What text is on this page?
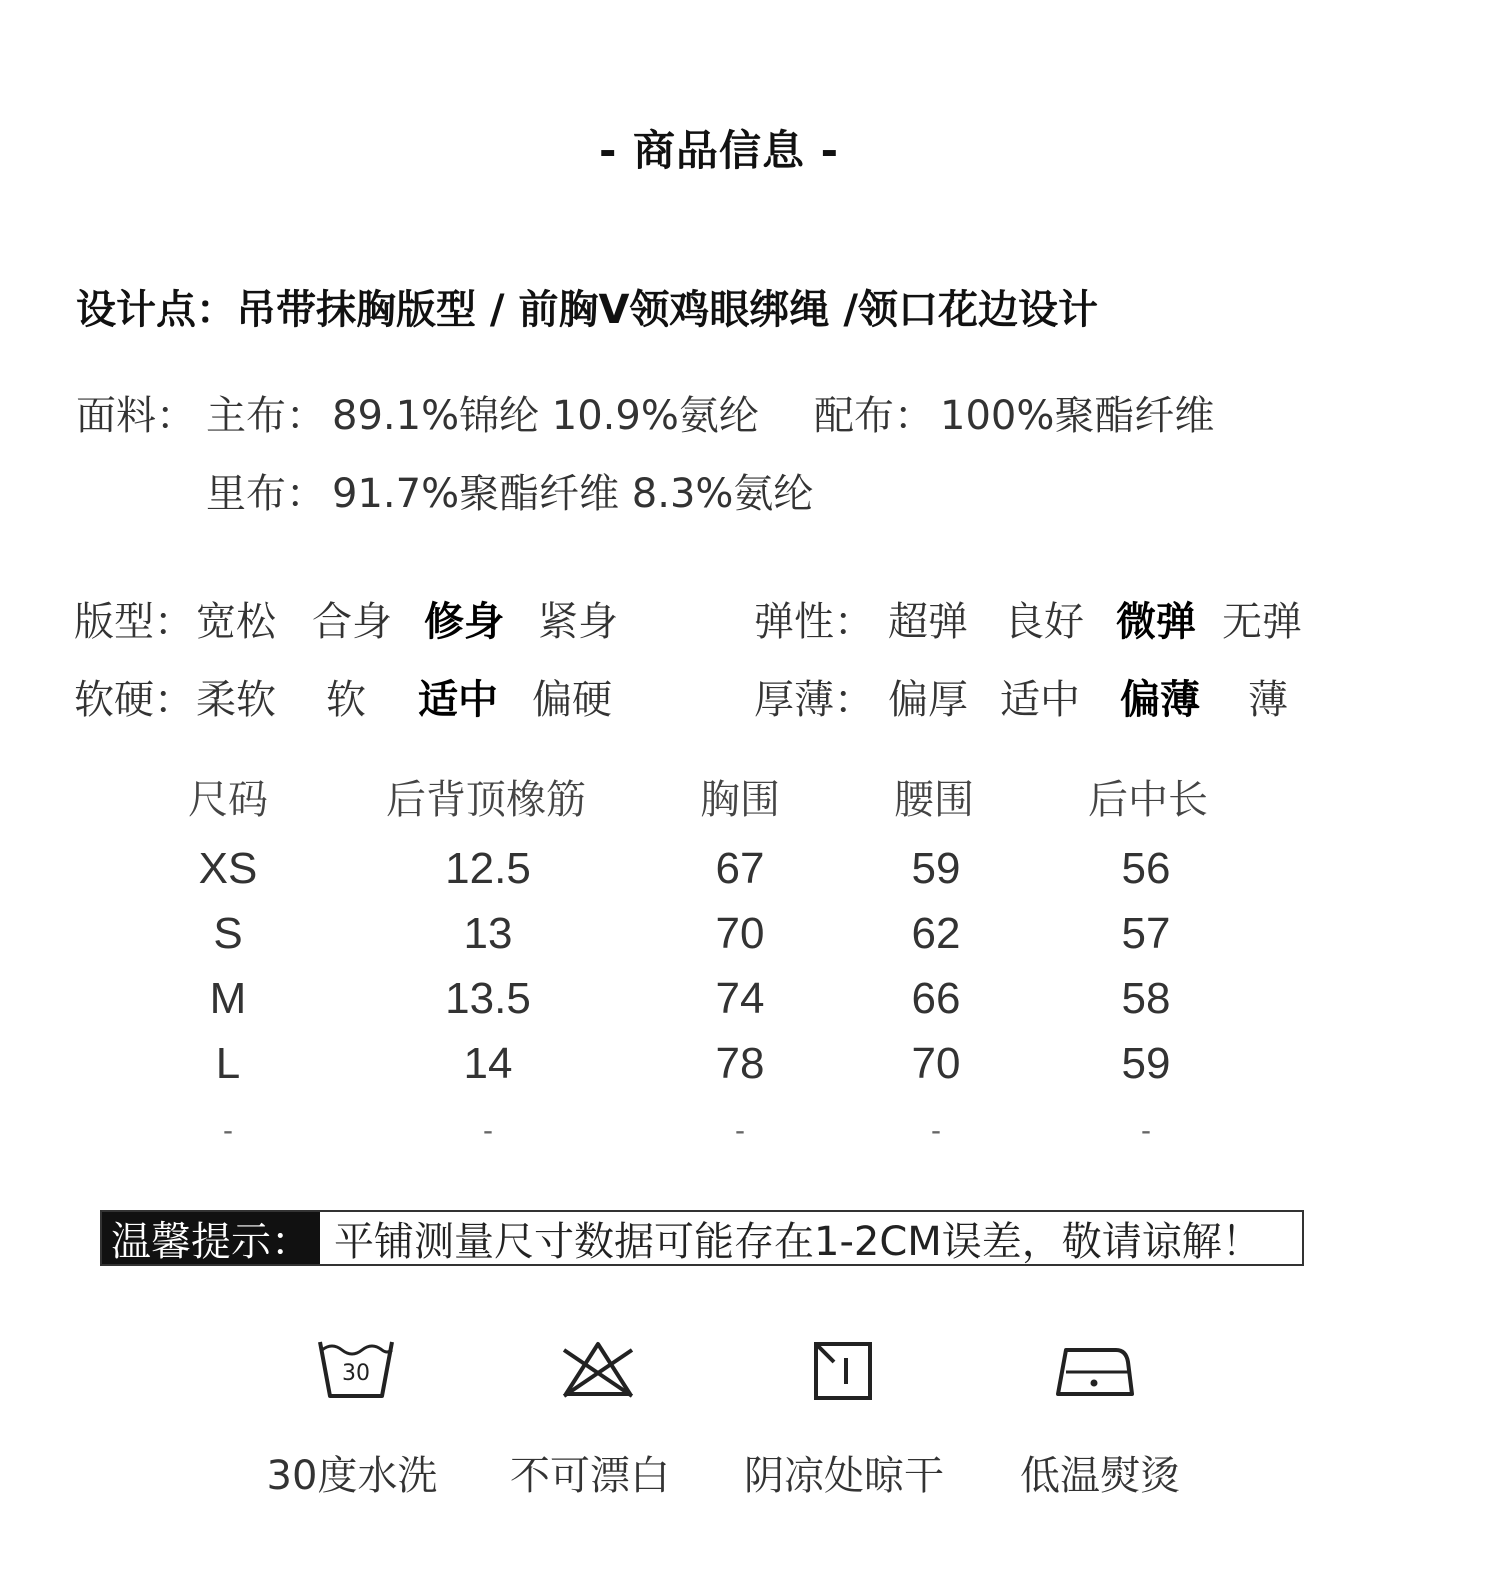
- 商品信息 -
设计点：吊带抹胸版型 / 前胸V领鸡眼绑绳 /领口花边设计
面料： 主布： 89.1%锦纶 10.9%氨纶 配布： 100%聚酯纤维
里布： 91.7%聚酯纤维 8.3%氨纶
版型： 宽松 合身 修身 紧身	弹性： 超弹 良好 微弹 无弹
软硬： 柔软 软 适中 偏硬	厚薄： 偏厚 适中 偏薄 薄
尺码	后背顶橡筋	胸围	腰围	后中长
XS	12.5	67	59	56
S	13	70	62	57
M	13.5	74	66	58
L	14	78	70	59
-	-	-	-	-
温馨提示： 平铺测量尺寸数据可能存在1-2CM误差，敬请谅解！
30
30度水洗 不可漂白 阴凉处晾干 低温熨烫
